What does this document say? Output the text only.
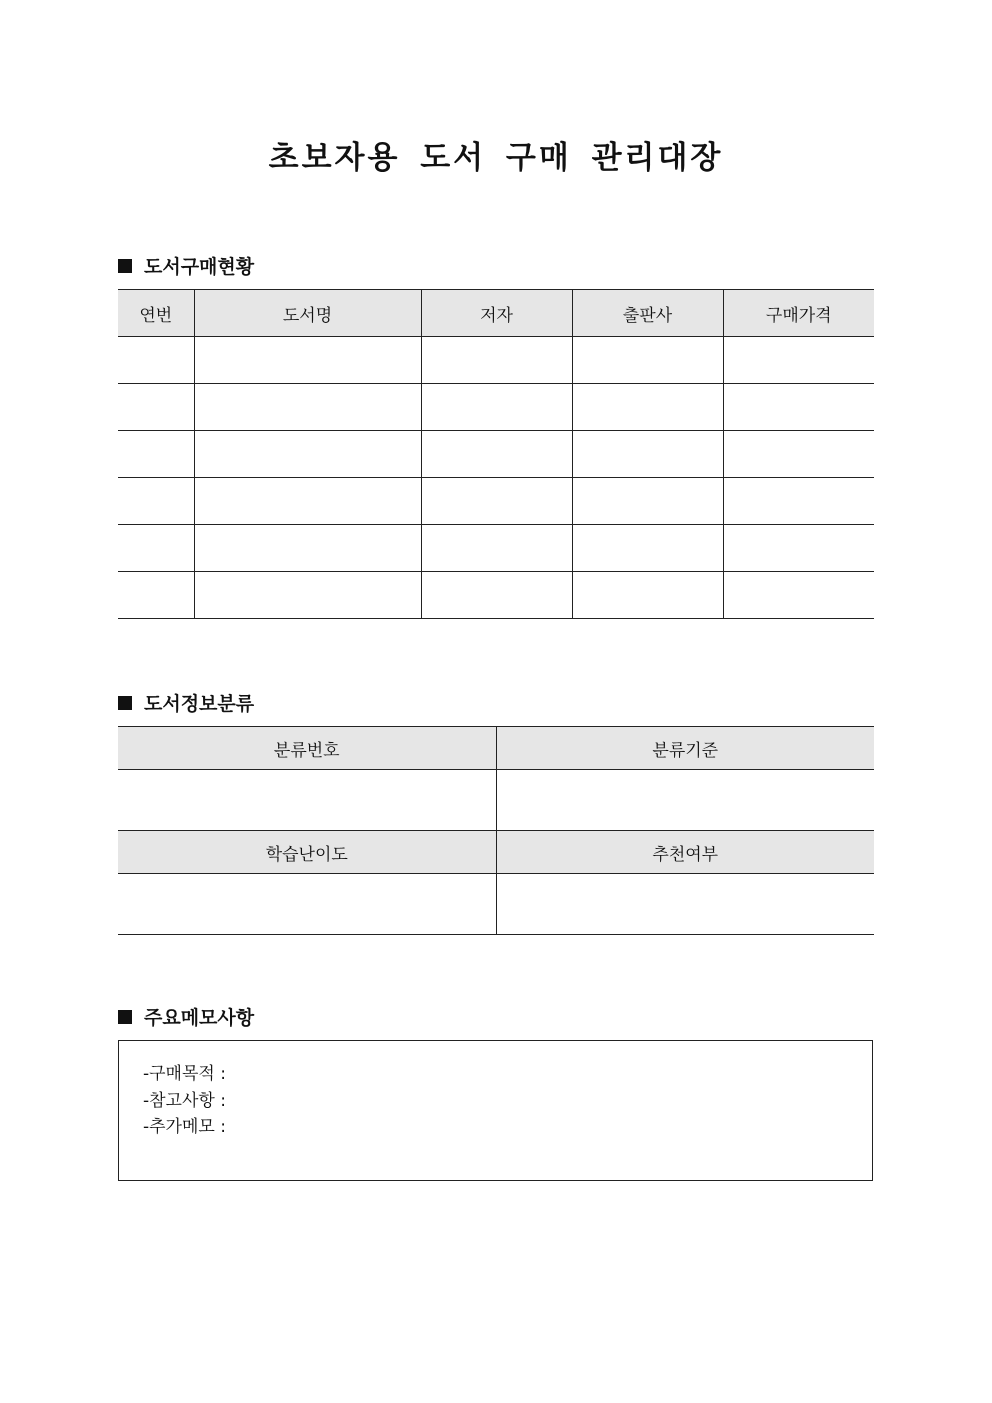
초보자용 도서 구매 관리대장
도서구매현황
연번	도서명	저자	출판사	구매가격

도서정보분류
분류번호	분류기준

학습난이도	추천여부

주요메모사항
-구매목적 :
-참고사항 :
-추가메모 :
